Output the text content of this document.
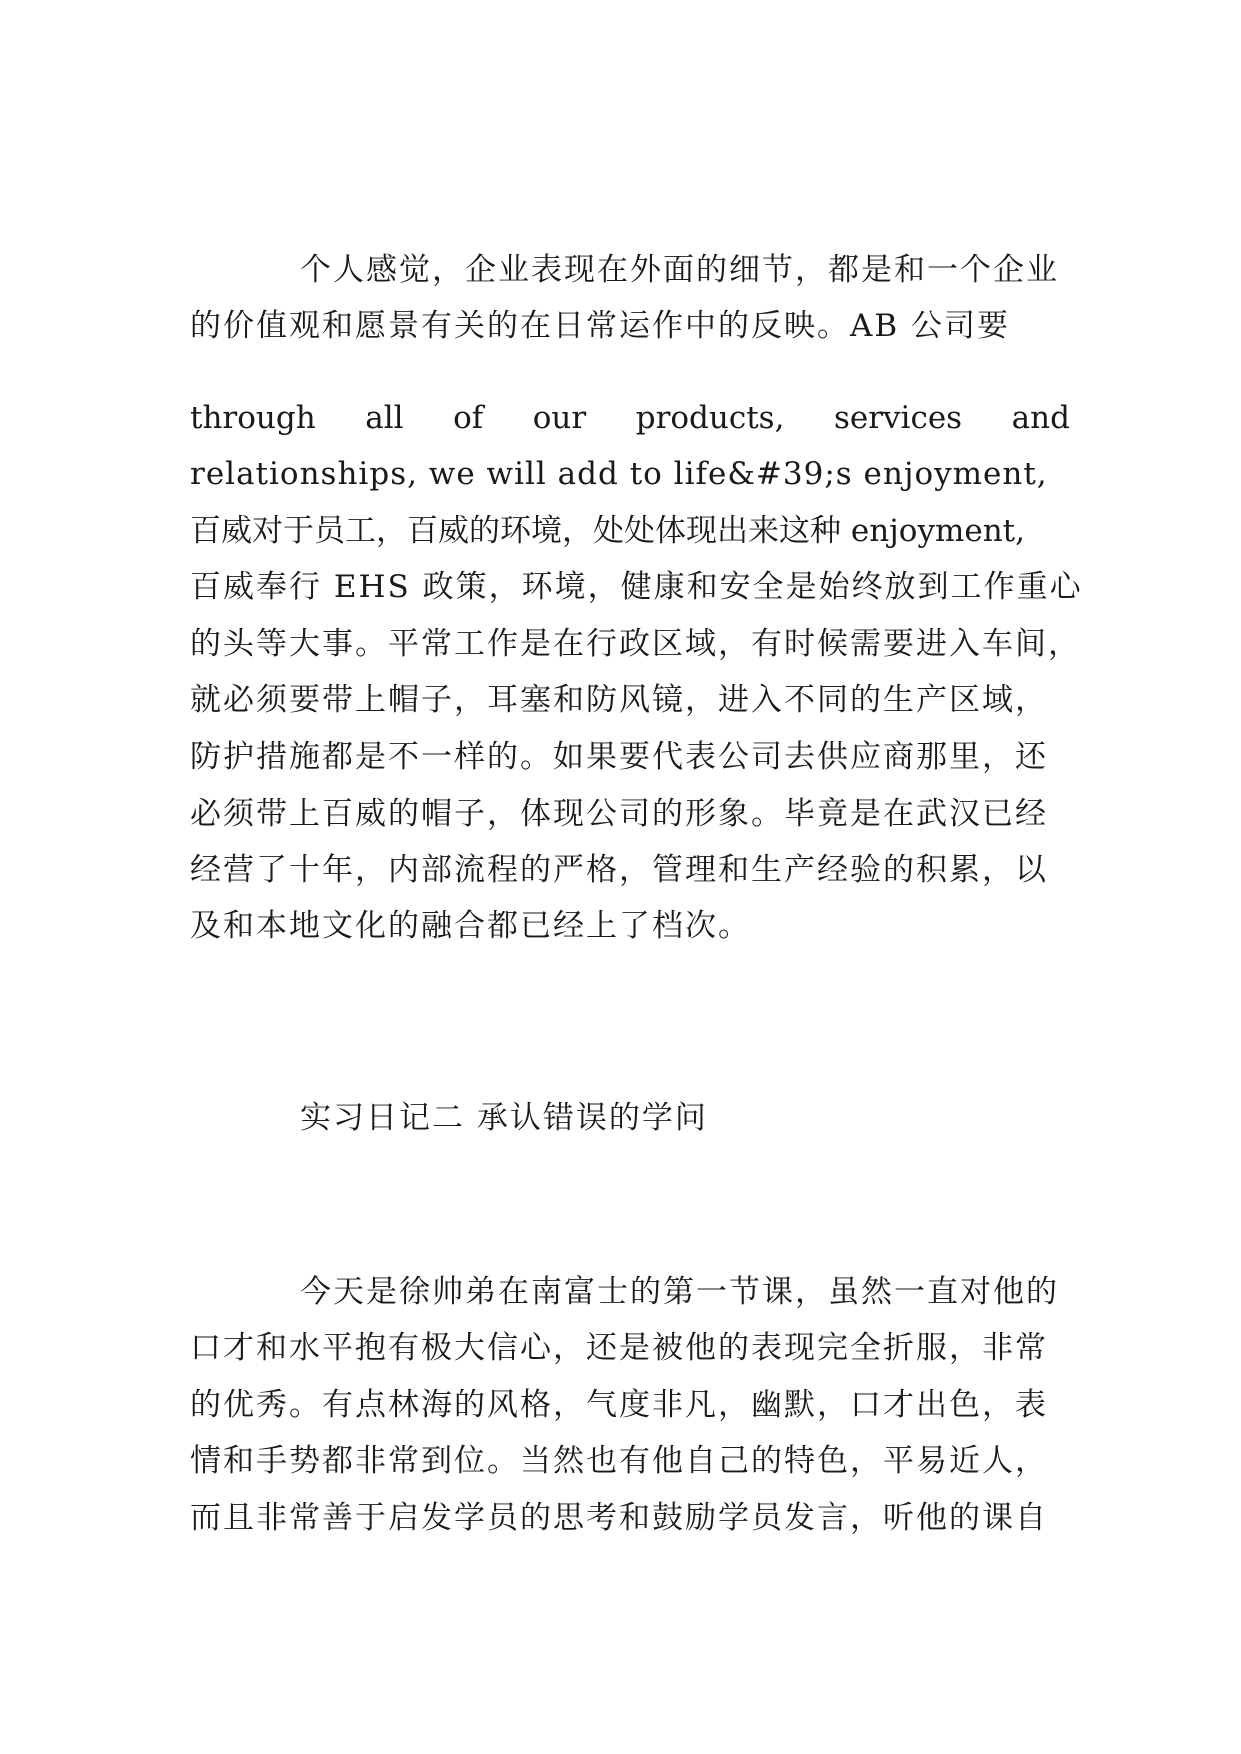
个人感觉，企业表现在外面的细节，都是和一个企业
的价值观和愿景有关的在日常运作中的反映。AB 公司要
through all of our products, services and
relationships, we will add to life&#39;s enjoyment,
百威对于员工，百威的环境，处处体现出来这种 enjoyment,
百威奉行 EHS 政策，环境，健康和安全是始终放到工作重心
的头等大事。平常工作是在行政区域，有时候需要进入车间，
就必须要带上帽子，耳塞和防风镜，进入不同的生产区域，
防护措施都是不一样的。如果要代表公司去供应商那里，还
必须带上百威的帽子，体现公司的形象。毕竟是在武汉已经
经营了十年，内部流程的严格，管理和生产经验的积累，以
及和本地文化的融合都已经上了档次。
实习日记二 承认错误的学问
今天是徐帅弟在南富士的第一节课，虽然一直对他的
口才和水平抱有极大信心，还是被他的表现完全折服，非常
的优秀。有点林海的风格，气度非凡，幽默，口才出色，表
情和手势都非常到位。当然也有他自己的特色，平易近人，
而且非常善于启发学员的思考和鼓励学员发言，听他的课自
